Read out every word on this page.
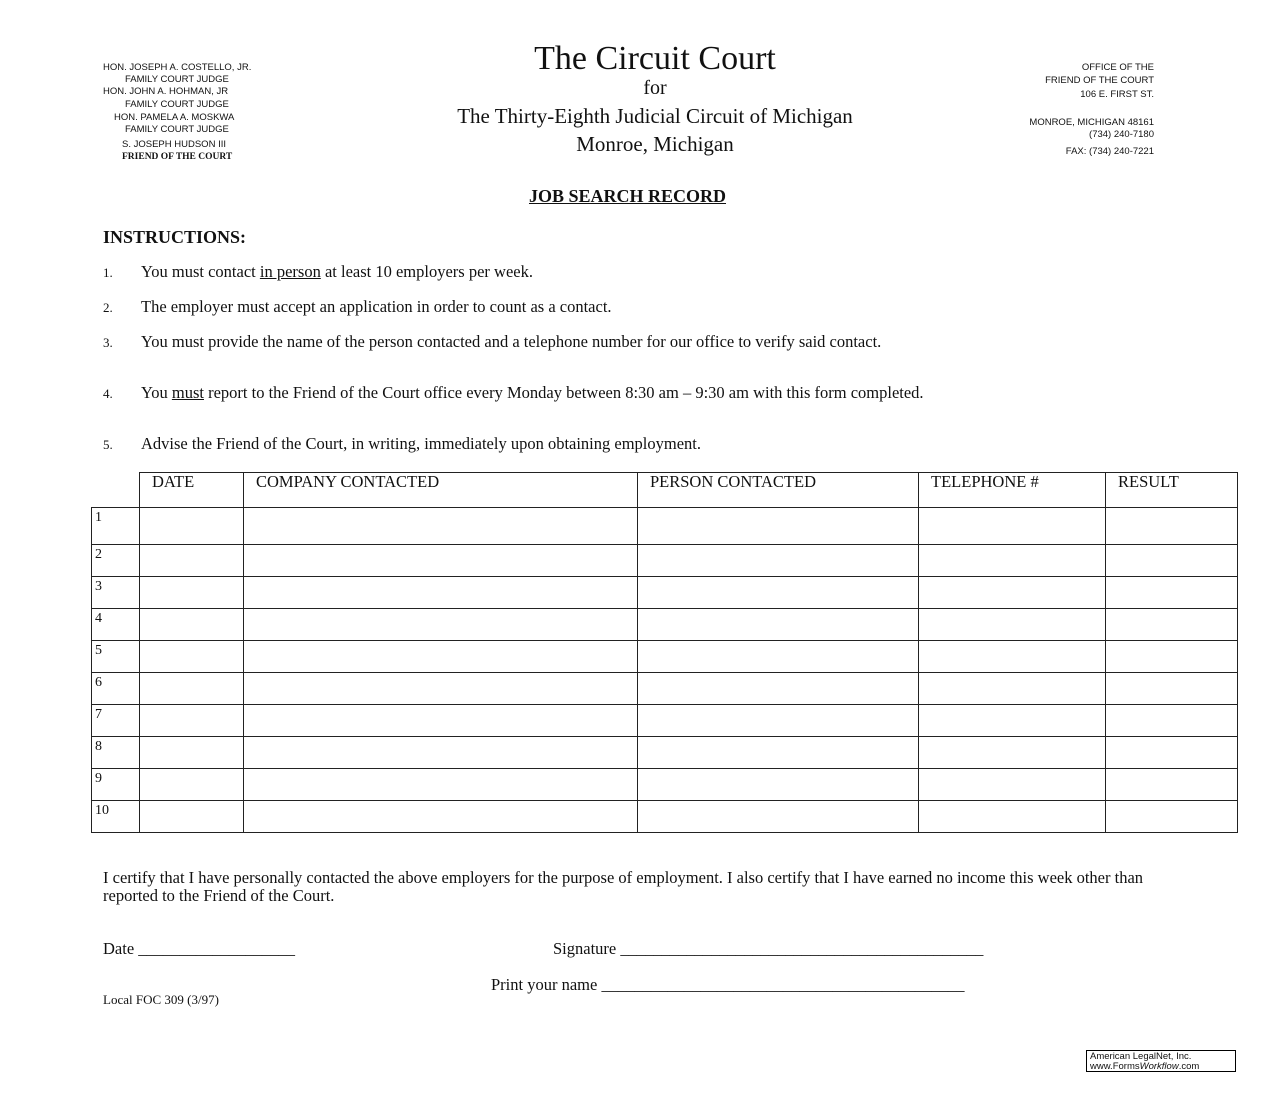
HON. JOSEPH A. COSTELLO, JR.
FAMILY COURT JUDGE
HON. JOHN A. HOHMAN, JR
FAMILY COURT JUDGE
HON. PAMELA A. MOSKWA
FAMILY COURT JUDGE
S. JOSEPH HUDSON III
FRIEND OF THE COURT
The Circuit Court
for
The Thirty-Eighth Judicial Circuit of Michigan
Monroe, Michigan
OFFICE OF THE
FRIEND OF THE COURT
106 E. FIRST ST.
MONROE, MICHIGAN 48161
(734) 240-7180
FAX: (734) 240-7221
JOB SEARCH RECORD
INSTRUCTIONS:
1. You must contact in person at least 10 employers per week.
2. The employer must accept an application in order to count as a contact.
3. You must provide the name of the person contacted and a telephone number for our office to verify said contact.
4. You must report to the Friend of the Court office every Monday between 8:30 am – 9:30 am with this form completed.
5. Advise the Friend of the Court, in writing, immediately upon obtaining employment.

	DATE	COMPANY CONTACTED	PERSON CONTACTED	TELEPHONE #	RESULT

1					

2					

3					

4					

5					

6					

7					

8					

9					

10					

I certify that I have personally contacted the above employers for the purpose of employment. I also certify that I have earned no income this week other than reported to the Friend of the Court.
Date ___________________	Signature ____________________________________________
Print your name ____________________________________________
Local FOC 309 (3/97)
American LegalNet, Inc.
www.FormsWorkflow.com
